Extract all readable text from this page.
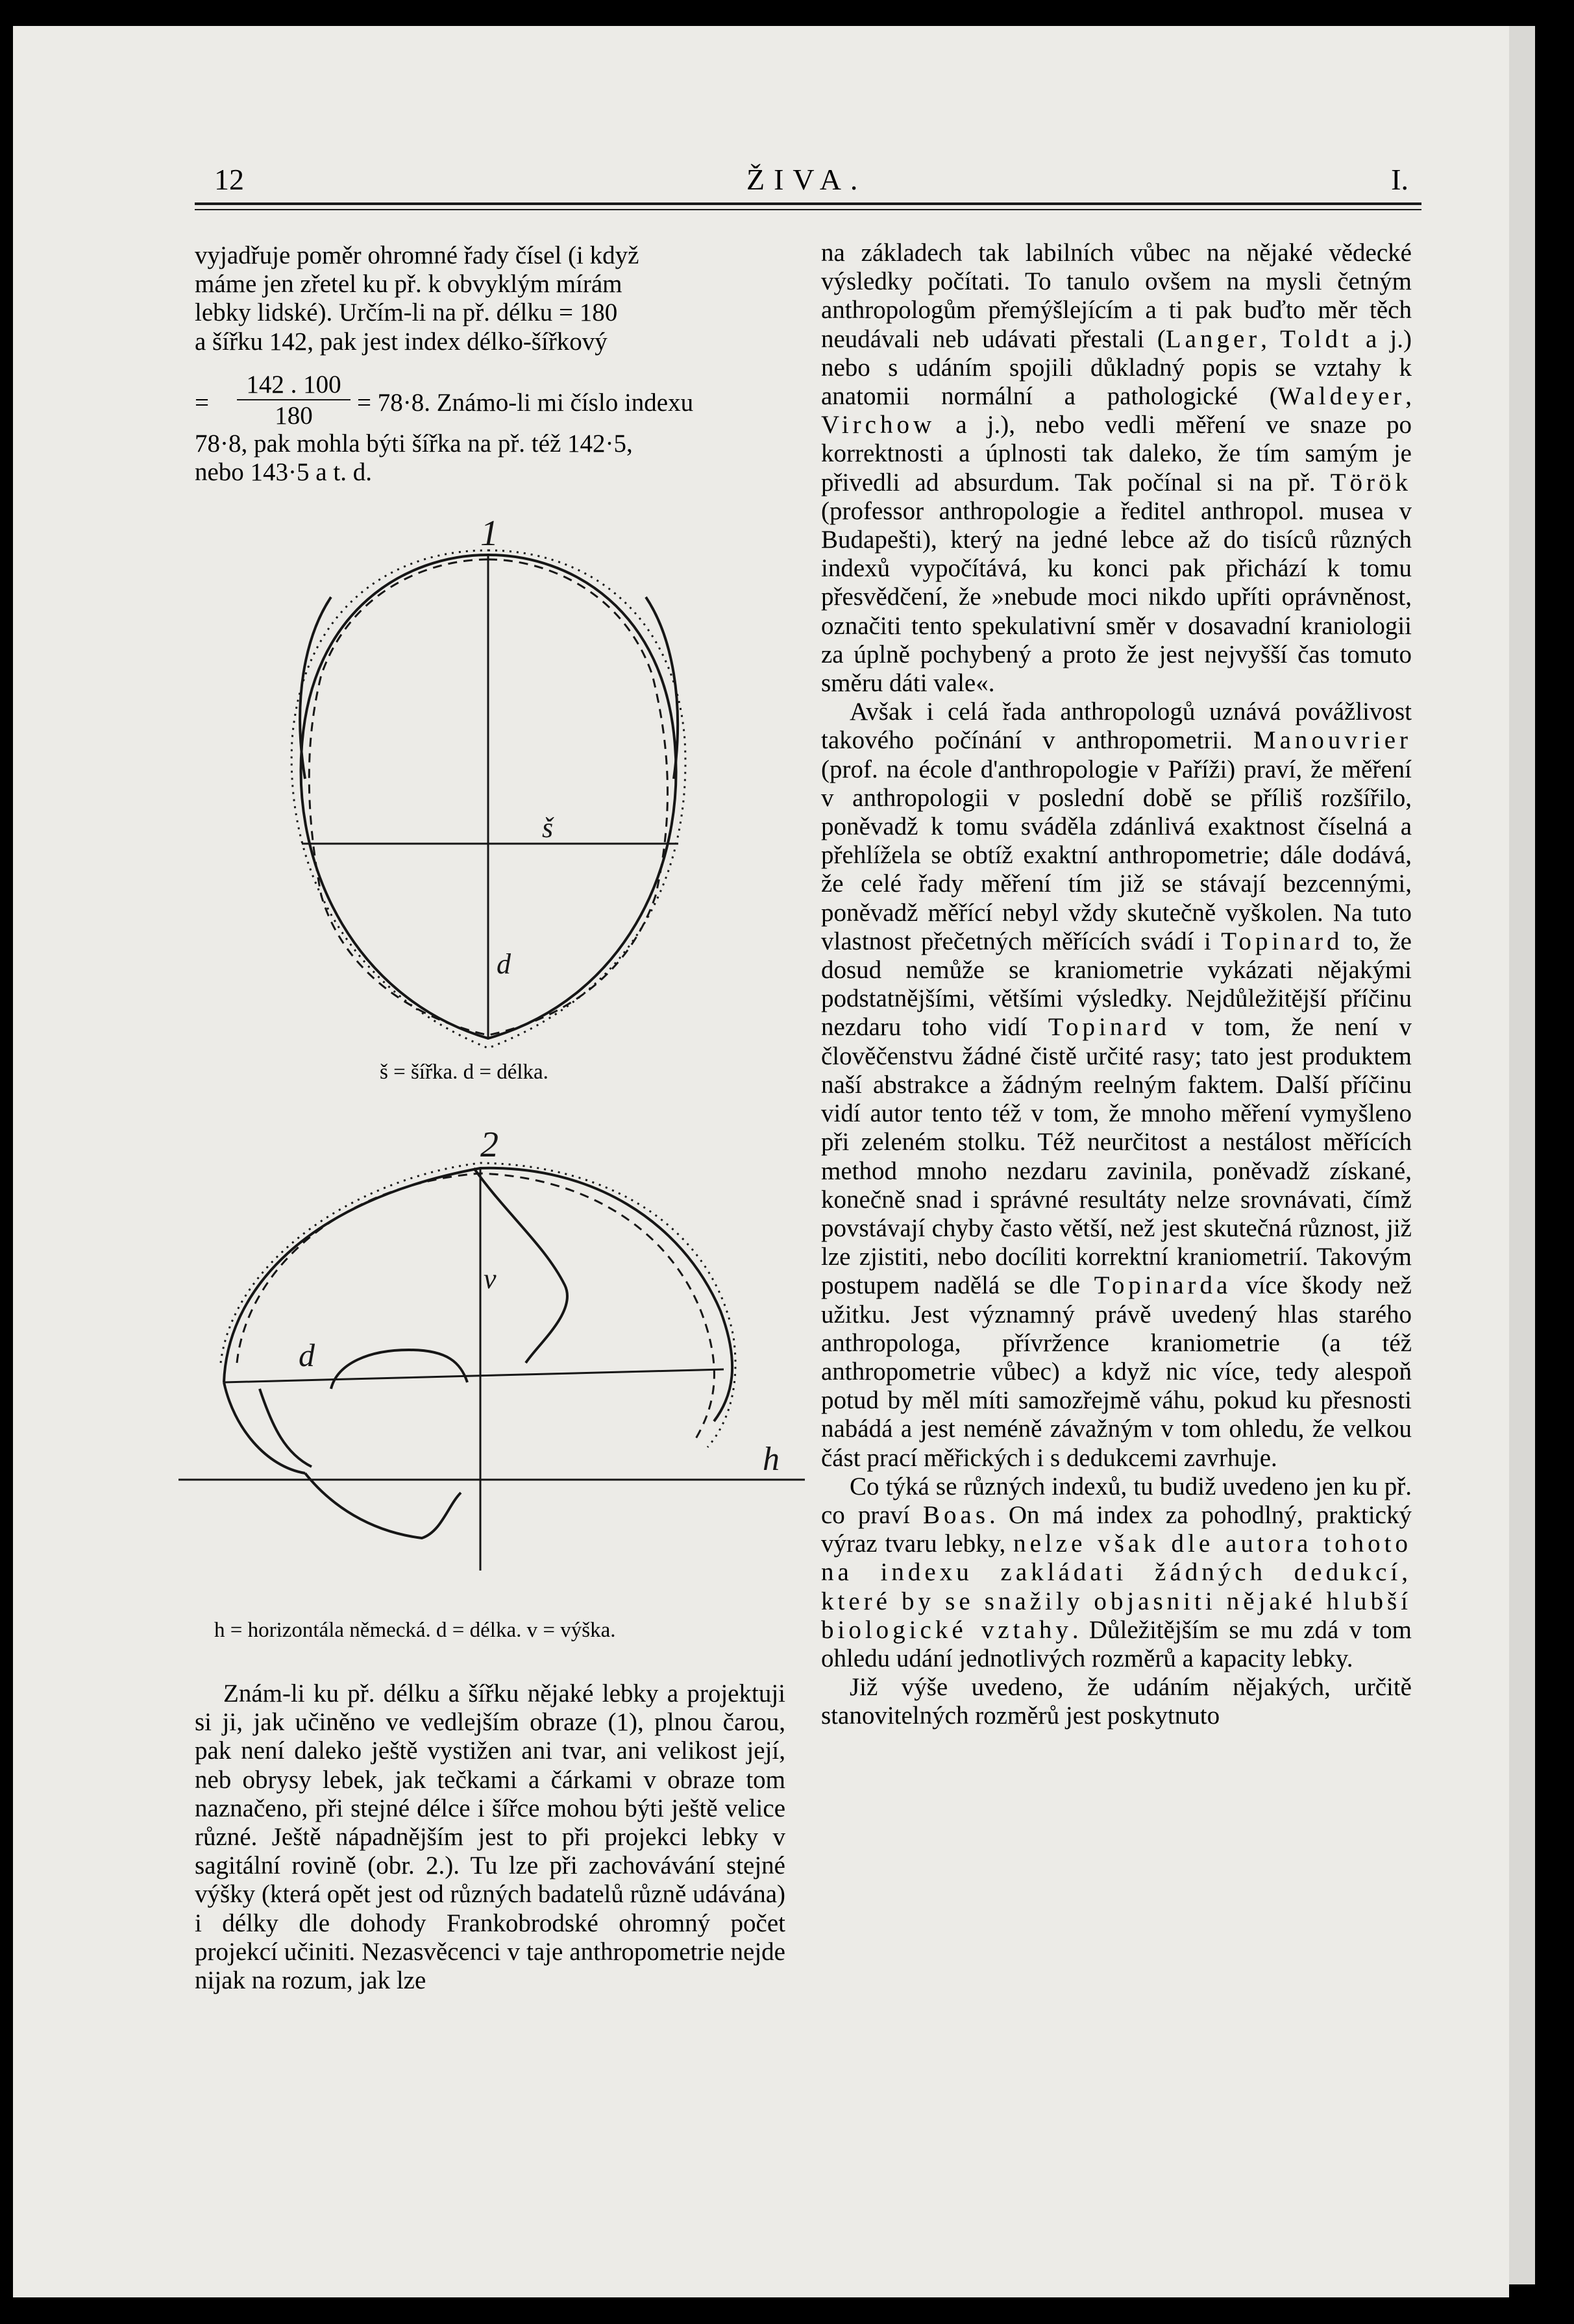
12	ŽIVA.	I.
vyjadřuje poměr ohromné řady čísel (i když
máme jen zřetel ku př. k obvyklým mírám
lebky lidské). Určím-li na př. délku = 180
a šířku 142, pak jest index délko-šířkový
=
142 . 100
180	= 78·8. Známo-li mi číslo indexu
78·8, pak mohla býti šířka na př. též 142·5,
nebo 143·5 a t. d.
1
š
d
š = šířka. d = délka.
2
v
d
h
h = horizontála německá. d = délka. v = výška.

Znám-li ku př. délku a šířku nějaké lebky a projektuji si ji, jak učiněno ve vedlejším obraze (1), plnou čarou, pak není daleko ještě vystižen ani tvar, ani velikost její, neb obrysy lebek, jak tečkami a čárkami v obraze tom naznačeno, při stejné délce i šířce mohou býti ještě velice různé. Ještě nápadnějším jest to při projekci lebky v sagitální rovině (obr. 2.). Tu lze při zachovávání stejné výšky (která opět jest od různých badatelů různě udávána) i délky dle dohody Frankobrodské ohromný počet projekcí učiniti. Nezasvěcenci v taje anthropometrie nejde nijak na rozum, jak lze

na základech tak labilních vůbec na nějaké vědecké výsledky počítati. To tanulo ovšem na mysli četným anthropologům přemýšlejícím a ti pak buďto měr těch neudávali neb udávati přestali (Langer, Toldt a j.) nebo s udáním spojili důkladný popis se vztahy k anatomii normální a pathologické (Waldeyer, Virchow a j.), nebo vedli měření ve snaze po korrektnosti a úplnosti tak daleko, že tím samým je přivedli ad absurdum. Tak počínal si na př. Török (professor anthropologie a ředitel anthropol. musea v Budapešti), který na jedné lebce až do tisíců různých indexů vypočítává, ku konci pak přichází k tomu přesvědčení, že »nebude moci nikdo upříti oprávněnost, označiti tento spekulativní směr v dosavadní kraniologii za úplně pochybený a proto že jest nejvyšší čas tomuto směru dáti vale«.

Avšak i celá řada anthropologů uznává povážlivost takového počínání v anthropometrii. Manouvrier (prof. na école d'anthropologie v Paříži) praví, že měření v anthropologii v poslední době se příliš rozšířilo, poněvadž k tomu sváděla zdánlivá exaktnost číselná a přehlížela se obtíž exaktní anthropometrie; dále dodává, že celé řady měření tím již se stávají bezcennými, poněvadž měřící nebyl vždy skutečně vyškolen. Na tuto vlastnost přečetných měřících svádí i Topinard to, že dosud nemůže se kraniometrie vykázati nějakými podstatnějšími, většími výsledky. Nejdůležitější příčinu nezdaru toho vidí Topinard v tom, že není v člověčenstvu žádné čistě určité rasy; tato jest produktem naší abstrakce a žádným reelným faktem. Další příčinu vidí autor tento též v tom, že mnoho měření vymyšleno při zeleném stolku. Též neurčitost a nestálost měřících method mnoho nezdaru zavinila, poněvadž získané, konečně snad i správné resultáty nelze srovnávati, čímž povstávají chyby často větší, než jest skutečná různost, již lze zjistiti, nebo docíliti korrektní kraniometrií. Takovým postupem nadělá se dle Topinarda více škody než užitku. Jest významný právě uvedený hlas starého anthropologa, přívržence kraniometrie (a též anthropometrie vůbec) a když nic více, tedy alespoň potud by měl míti samozřejmě váhu, pokud ku přesnosti nabádá a jest neméně závažným v tom ohledu, že velkou část prací měřických i s dedukcemi zavrhuje.

Co týká se různých indexů, tu budiž uvedeno jen ku př. co praví Boas. On má index za pohodlný, praktický výraz tvaru lebky, nelze však dle autora tohoto na indexu zakládati žádných dedukcí, které by se snažily objasniti nějaké hlubší biologické vztahy. Důležitějším se mu zdá v tom ohledu udání jednotlivých rozměrů a kapacity lebky.

Již výše uvedeno, že udáním nějakých, určitě stanovitelných rozměrů jest poskytnuto
